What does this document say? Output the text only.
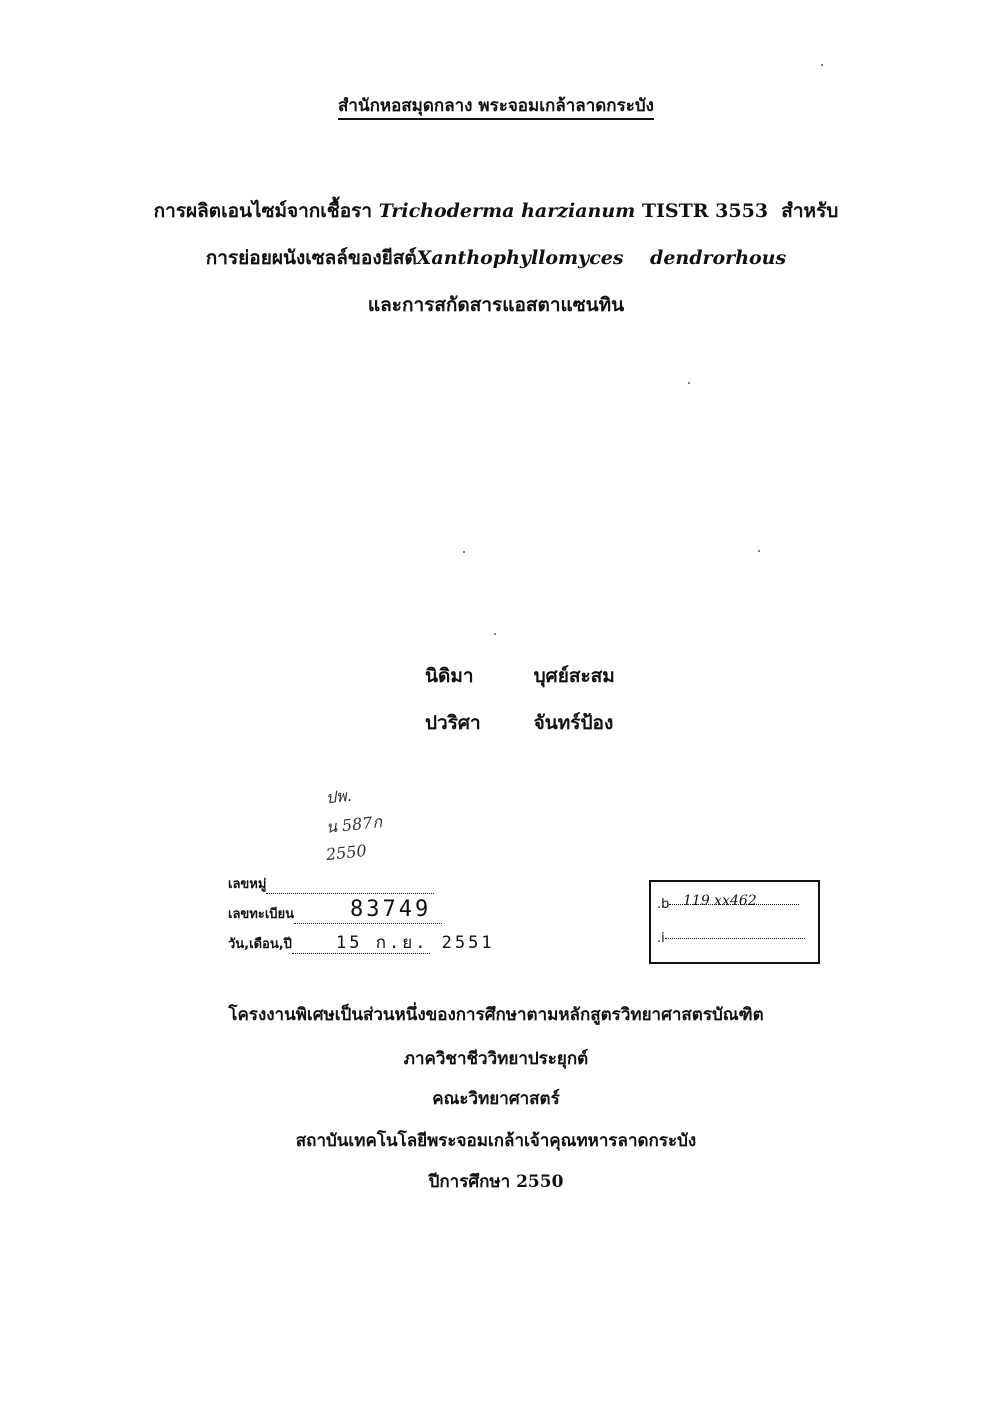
สำนักหอสมุดกลาง พระจอมเกล้าลาดกระบัง
การผลิตเอนไซม์จากเชื้อรา Trichoderma harzianum TISTR 3553 สำหรับ
การย่อยผนังเซลล์ของยีสต์Xanthophyllomyces dendrorhous
และการสกัดสารแอสตาแซนทิน
นิดิมา	บุศย์สะสม
ปวริศา	จันทร์ป้อง
ปพ.
น 587ก
2550
เลขหมู่
เลขทะเบียน	83749
วัน,เดือน,ปี	15 ก.ย. 2551
.b 119 xx462
.i
โครงงานพิเศษเป็นส่วนหนึ่งของการศึกษาตามหลักสูตรวิทยาศาสตรบัณฑิต
ภาควิชาชีววิทยาประยุกต์
คณะวิทยาศาสตร์
สถาบันเทคโนโลยีพระจอมเกล้าเจ้าคุณทหารลาดกระบัง
ปีการศึกษา 2550
